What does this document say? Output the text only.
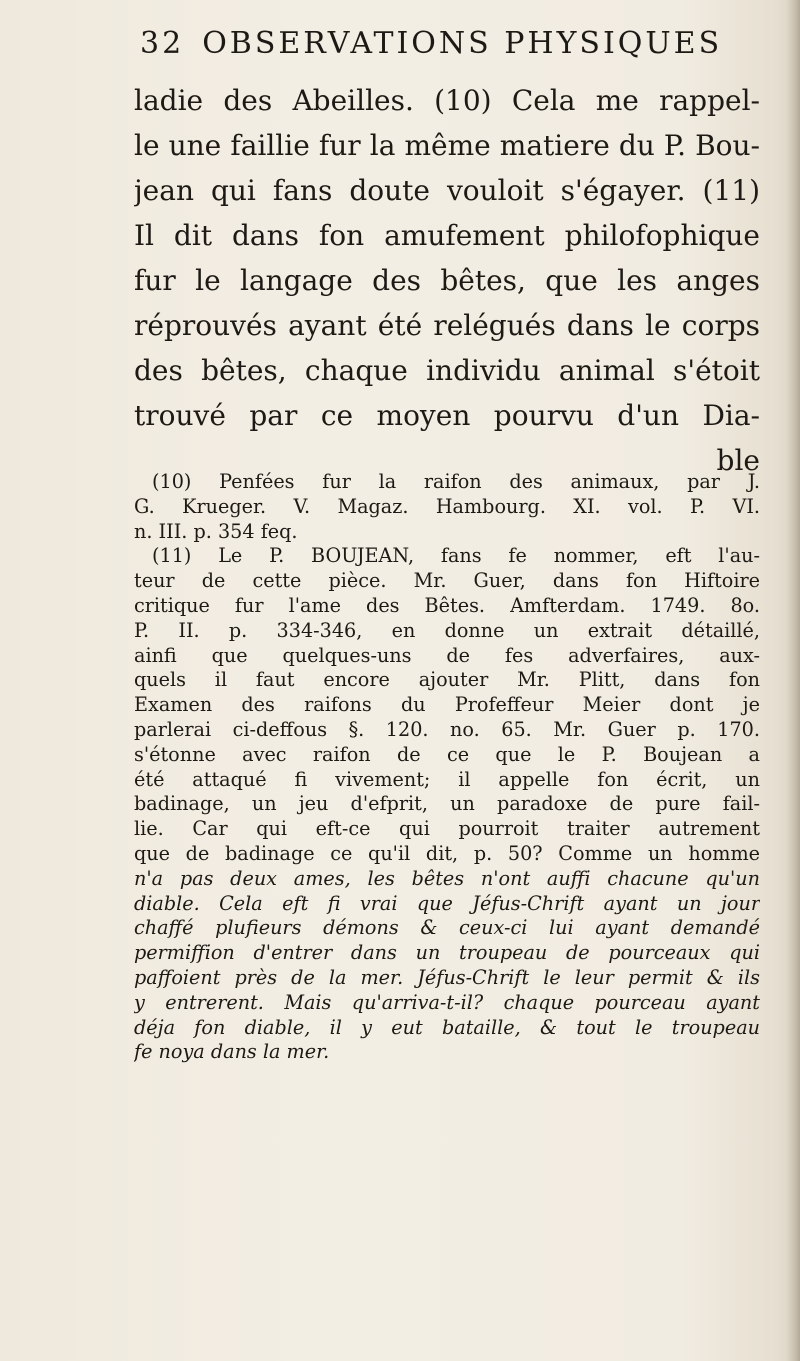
32 OBSERVATIONS PHYSIQUES
ladie des Abeilles. (10) Cela me rappel-
le une faillie fur la même matiere du P. Bou-
jean qui fans doute vouloit s'égayer. (11)
Il dit dans fon amufement philofophique
fur le langage des bêtes, que les anges
réprouvés ayant été relégués dans le corps
des bêtes, chaque individu animal s'étoit
trouvé par ce moyen pourvu d'un Dia-
ble
(10) Penfées fur la raifon des animaux, par J.
G. Krueger. V. Magaz. Hambourg. XI. vol. P. VI.
n. III. p. 354 feq.
(11) Le P. BOUJEAN, fans fe nommer, eft l'au-
teur de cette pièce. Mr. Guer, dans fon Hiftoire
critique fur l'ame des Bêtes. Amfterdam. 1749. 8o.
P. II. p. 334-346, en donne un extrait détaillé,
ainfi que quelques-uns de fes adverfaires, aux-
quels il faut encore ajouter Mr. Plitt, dans fon
Examen des raifons du Profeffeur Meier dont je
parlerai ci-deffous §. 120. no. 65. Mr. Guer p. 170.
s'étonne avec raifon de ce que le P. Boujean a
été attaqué fi vivement; il appelle fon écrit, un
badinage, un jeu d'efprit, un paradoxe de pure fail-
lie. Car qui eft-ce qui pourroit traiter autrement
que de badinage ce qu'il dit, p. 50? Comme un homme
n'a pas deux ames, les bêtes n'ont auffi chacune qu'un
diable. Cela eft fi vrai que Jéfus-Chrift ayant un jour
chaffé plufieurs démons & ceux-ci lui ayant demandé
permiffion d'entrer dans un troupeau de pourceaux qui
paffoient près de la mer. Jéfus-Chrift le leur permit & ils
y entrerent. Mais qu'arriva-t-il? chaque pourceau ayant
déja fon diable, il y eut bataille, & tout le troupeau
fe noya dans la mer.
